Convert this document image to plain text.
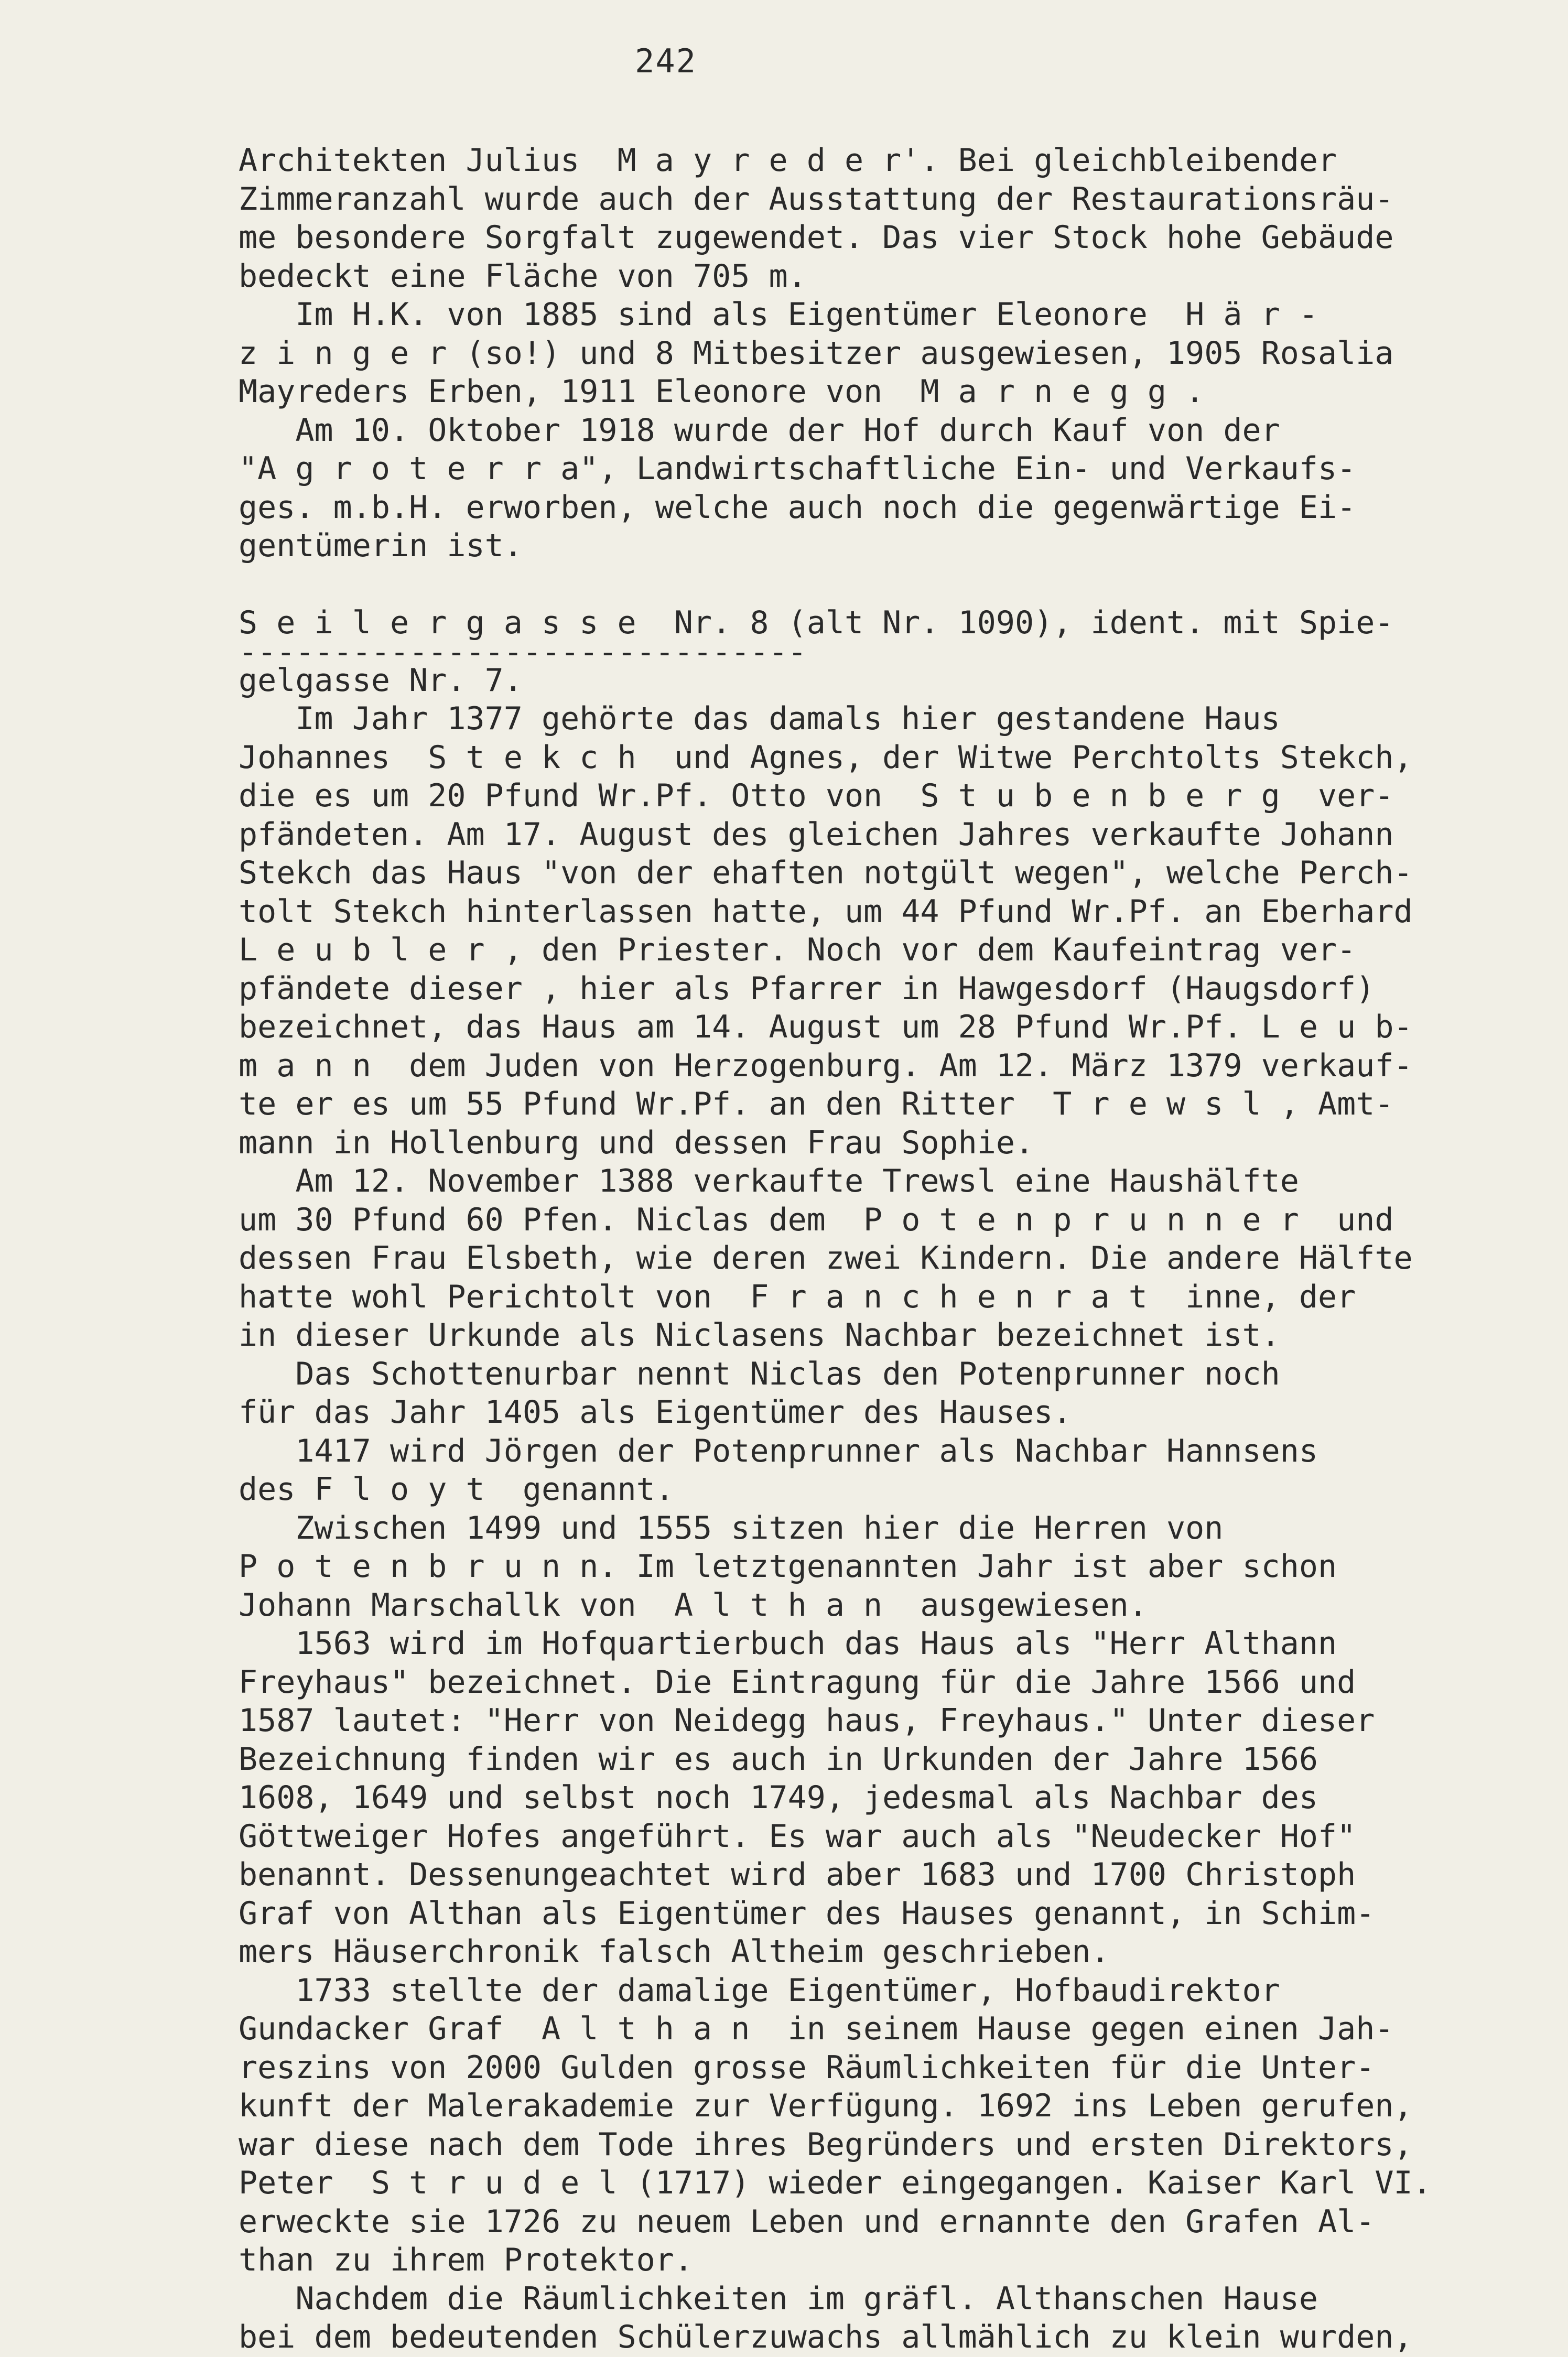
242
Architekten Julius  M a y r e d e r'. Bei gleichbleibender
Zimmeranzahl wurde auch der Ausstattung der Restaurationsräu-
me besondere Sorgfalt zugewendet. Das vier Stock hohe Gebäude
bedeckt eine Fläche von 705 m.
Im H.K. von 1885 sind als Eigentümer Eleonore  H ä r -
z i n g e r (so!) und 8 Mitbesitzer ausgewiesen, 1905 Rosalia
Mayreders Erben, 1911 Eleonore von  M a r n e g g .
Am 10. Oktober 1918 wurde der Hof durch Kauf von der
"A g r o t e r r a", Landwirtschaftliche Ein- und Verkaufs-
ges. m.b.H. erworben, welche auch noch die gegenwärtige Ei-
gentümerin ist.
S e i l e r g a s s e  Nr. 8 (alt Nr. 1090), ident. mit Spie-
------------------------------
gelgasse Nr. 7.
Im Jahr 1377 gehörte das damals hier gestandene Haus
Johannes  S t e k c h  und Agnes, der Witwe Perchtolts Stekch,
die es um 20 Pfund Wr.Pf. Otto von  S t u b e n b e r g  ver-
pfändeten. Am 17. August des gleichen Jahres verkaufte Johann
Stekch das Haus "von der ehaften notgült wegen", welche Perch-
tolt Stekch hinterlassen hatte, um 44 Pfund Wr.Pf. an Eberhard
L e u b l e r , den Priester. Noch vor dem Kaufeintrag ver-
pfändete dieser , hier als Pfarrer in Hawgesdorf (Haugsdorf)
bezeichnet, das Haus am 14. August um 28 Pfund Wr.Pf. L e u b-
m a n n  dem Juden von Herzogenburg. Am 12. März 1379 verkauf-
te er es um 55 Pfund Wr.Pf. an den Ritter  T r e w s l , Amt-
mann in Hollenburg und dessen Frau Sophie.
Am 12. November 1388 verkaufte Trewsl eine Haushälfte
um 30 Pfund 60 Pfen. Niclas dem  P o t e n p r u n n e r  und
dessen Frau Elsbeth, wie deren zwei Kindern. Die andere Hälfte
hatte wohl Perichtolt von  F r a n c h e n r a t  inne, der
in dieser Urkunde als Niclasens Nachbar bezeichnet ist.
Das Schottenurbar nennt Niclas den Potenprunner noch
für das Jahr 1405 als Eigentümer des Hauses.
1417 wird Jörgen der Potenprunner als Nachbar Hannsens
des F l o y t  genannt.
Zwischen 1499 und 1555 sitzen hier die Herren von
P o t e n b r u n n. Im letztgenannten Jahr ist aber schon
Johann Marschallk von  A l t h a n  ausgewiesen.
1563 wird im Hofquartierbuch das Haus als "Herr Althann
Freyhaus" bezeichnet. Die Eintragung für die Jahre 1566 und
1587 lautet: "Herr von Neidegg haus, Freyhaus." Unter dieser
Bezeichnung finden wir es auch in Urkunden der Jahre 1566
1608, 1649 und selbst noch 1749, jedesmal als Nachbar des
Göttweiger Hofes angeführt. Es war auch als "Neudecker Hof"
benannt. Dessenungeachtet wird aber 1683 und 1700 Christoph
Graf von Althan als Eigentümer des Hauses genannt, in Schim-
mers Häuserchronik falsch Altheim geschrieben.
1733 stellte der damalige Eigentümer, Hofbaudirektor
Gundacker Graf  A l t h a n  in seinem Hause gegen einen Jah-
reszins von 2000 Gulden grosse Räumlichkeiten für die Unter-
kunft der Malerakademie zur Verfügung. 1692 ins Leben gerufen,
war diese nach dem Tode ihres Begründers und ersten Direktors,
Peter  S t r u d e l (1717) wieder eingegangen. Kaiser Karl VI.
erweckte sie 1726 zu neuem Leben und ernannte den Grafen Al-
than zu ihrem Protektor.
Nachdem die Räumlichkeiten im gräfl. Althanschen Hause
bei dem bedeutenden Schülerzuwachs allmählich zu klein wurden,
